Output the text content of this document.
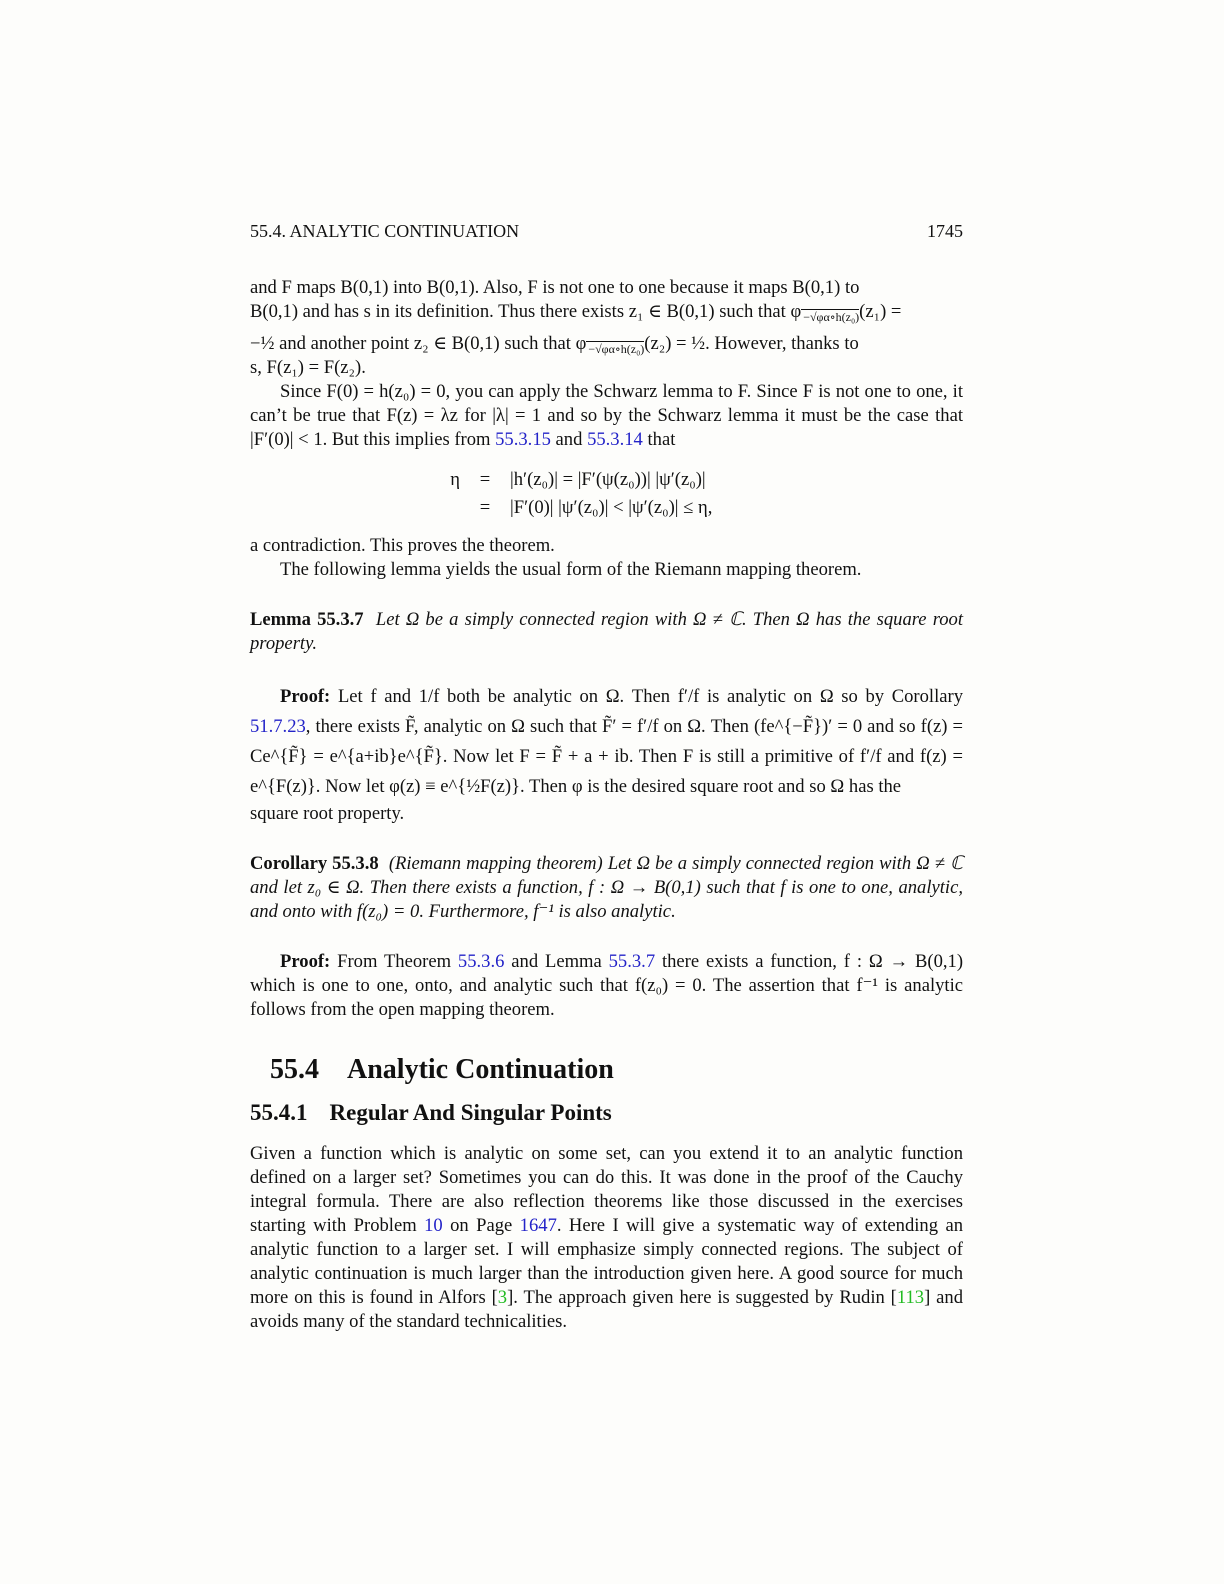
55.4. ANALYTIC CONTINUATION	1745
and F maps B(0,1) into B(0,1). Also, F is not one to one because it maps B(0,1) to
B(0,1) and has s in its definition. Thus there exists z₁ ∈ B(0,1) such that φ $_{-√\varphi\alpha\circ h(z_0)}$(z₁) =
−½ and another point z₂ ∈ B(0,1) such that φ $_{-√\varphi\alpha\circ h(z_0)}$(z₂) = ½. However, thanks to
s, F(z₁) = F(z₂).
Since F(0) = h(z₀) = 0, you can apply the Schwarz lemma to F. Since F is not one to one, it can’t be true that F(z) = λz for |λ| = 1 and so by the Schwarz lemma it must be the case that |F′(0)| < 1. But this implies from 55.3.15 and 55.3.14 that
η	=	|h′(z₀)| = |F′(ψ(z₀))| |ψ′(z₀)|
=	|F′(0)| |ψ′(z₀)| < |ψ′(z₀)| ≤ η,
a contradiction. This proves the theorem.
The following lemma yields the usual form of the Riemann mapping theorem.
Lemma 55.3.7 Let Ω be a simply connected region with Ω ≠ ℂ. Then Ω has the square root property.
Proof: Let f and 1/f both be analytic on Ω. Then f′/f is analytic on Ω so by Corollary 51.7.23, there exists F̃, analytic on Ω such that F̃′ = f′/f on Ω. Then (fe^{−F̃})′ = 0 and so f(z) = Ce^{F̃} = e^{a+ib}e^{F̃}. Now let F = F̃ + a + ib. Then F is still a primitive of f′/f and f(z) = e^{F(z)}. Now let φ(z) ≡ e^{½F(z)}. Then φ is the desired square root and so Ω has the
square root property.
Corollary 55.3.8 (Riemann mapping theorem) Let Ω be a simply connected region with Ω ≠ ℂ and let z₀ ∈ Ω. Then there exists a function, f : Ω → B(0,1) such that f is one to one, analytic, and onto with f(z₀) = 0. Furthermore, f⁻¹ is also analytic.
Proof: From Theorem 55.3.6 and Lemma 55.3.7 there exists a function, f : Ω → B(0,1) which is one to one, onto, and analytic such that f(z₀) = 0. The assertion that f⁻¹ is analytic follows from the open mapping theorem.
55.4 Analytic Continuation
55.4.1 Regular And Singular Points
Given a function which is analytic on some set, can you extend it to an analytic function defined on a larger set? Sometimes you can do this. It was done in the proof of the Cauchy integral formula. There are also reflection theorems like those discussed in the exercises starting with Problem 10 on Page 1647. Here I will give a systematic way of extending an analytic function to a larger set. I will emphasize simply connected regions. The subject of analytic continuation is much larger than the introduction given here. A good source for much more on this is found in Alfors [3]. The approach given here is suggested by Rudin [113] and avoids many of the standard technicalities.
